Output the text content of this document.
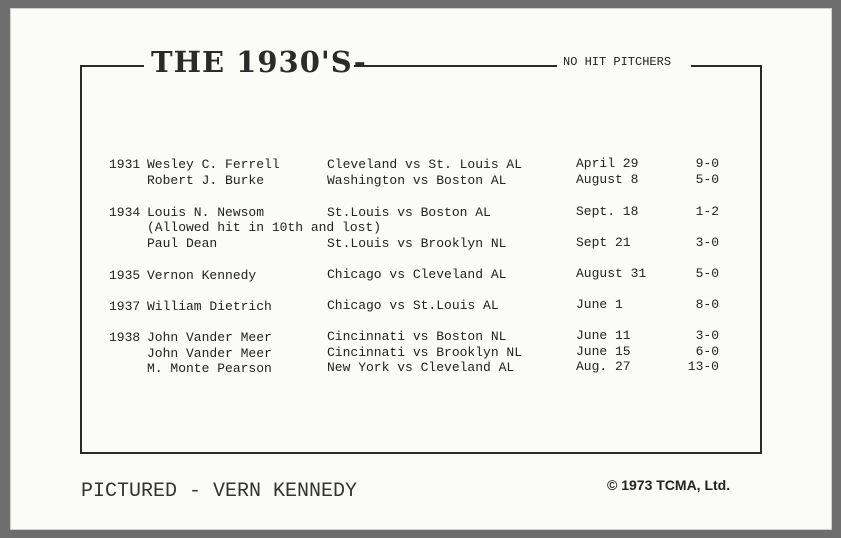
THE 1930'S-	NO HIT PITCHERS
1931 Wesley C. Ferrell	Cleveland vs St. Louis AL	April 29	9-0
Robert J. Burke	Washington vs Boston AL	August 8	5-0
1934 Louis N. Newsom	St.Louis vs Boston AL	Sept. 18	1-2
(Allowed hit in 10th and lost)
Paul Dean	St.Louis vs Brooklyn NL	Sept 21	3-0
1935 Vernon Kennedy	Chicago vs Cleveland AL	August 31	5-0
1937 William Dietrich	Chicago vs St.Louis AL	June 1	8-0
1938 John Vander Meer	Cincinnati vs Boston NL	June 11	3-0
John Vander Meer	Cincinnati vs Brooklyn NL	June 15	6-0
M. Monte Pearson	New York vs Cleveland AL	Aug. 27	13-0
PICTURED - VERN KENNEDY	© 1973 TCMA, Ltd.
